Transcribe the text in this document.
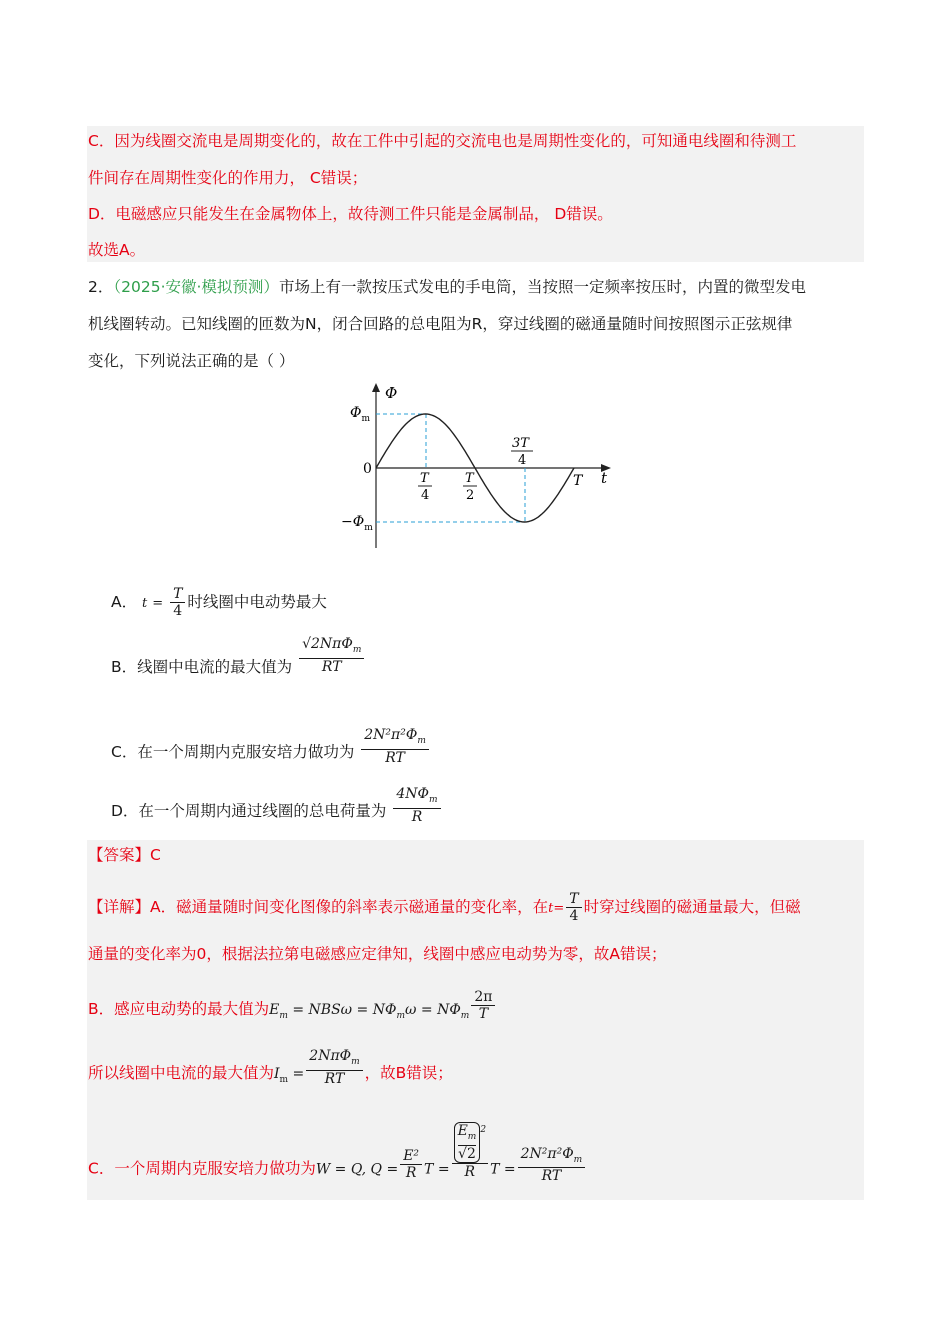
C．因为线圈交流电是周期变化的，故在工件中引起的交流电也是周期性变化的，可知通电线圈和待测工
件间存在周期性变化的作用力， C错误；
D．电磁感应只能发生在金属物体上，故待测工件只能是金属制品， D错误。
故选A。
2．（2025·安徽·模拟预测）市场上有一款按压式发电的手电筒，当按照一定频率按压时，内置的微型发电
机线圈转动。已知线圈的匝数为N，闭合回路的总电阻为R，穿过线圈的磁通量随时间按照图示正弦规律
变化，下列说法正确的是（ ）
Φ
t
0
$\Phi_m$
$-\Phi_m$
T
4
T
2
3T
4
T
A． $t = \frac{T}{4}$ 时线圈中电动势最大
B．线圈中电流的最大值为 $\frac{√2N\pi\Phi_m}{RT}$
C．在一个周期内克服安培力做功为 $\frac{2N^2\pi^2\Phi_m}{RT}$
D．在一个周期内通过线圈的总电荷量为 $\frac{4N\Phi_m}{R}$
【答案】C
【详解】A．磁通量随时间变化图像的斜率表示磁通量的变化率，在$t= \frac{T}{4}$ 时穿过线圈的磁通量最大，但磁
通量的变化率为0，根据法拉第电磁感应定律知，线圈中感应电动势为零，故A错误；
B．感应电动势的最大值为$E_m = NBS\omega = N\Phi_m\omega = N\Phi_m \frac{2\pi}{T}$
所以线圈中电流的最大值为$I_m = \frac{2N\pi\Phi_m}{RT}$ ，故B错误；
C．一个周期内克服安培力做功为W = Q, $Q = \frac{\text{E²}}{R}$ $T = \frac{\frac{E_m}{√2} ^2}{R}$ $T = \frac{2N^2\pi^2\Phi_m}{RT}$
